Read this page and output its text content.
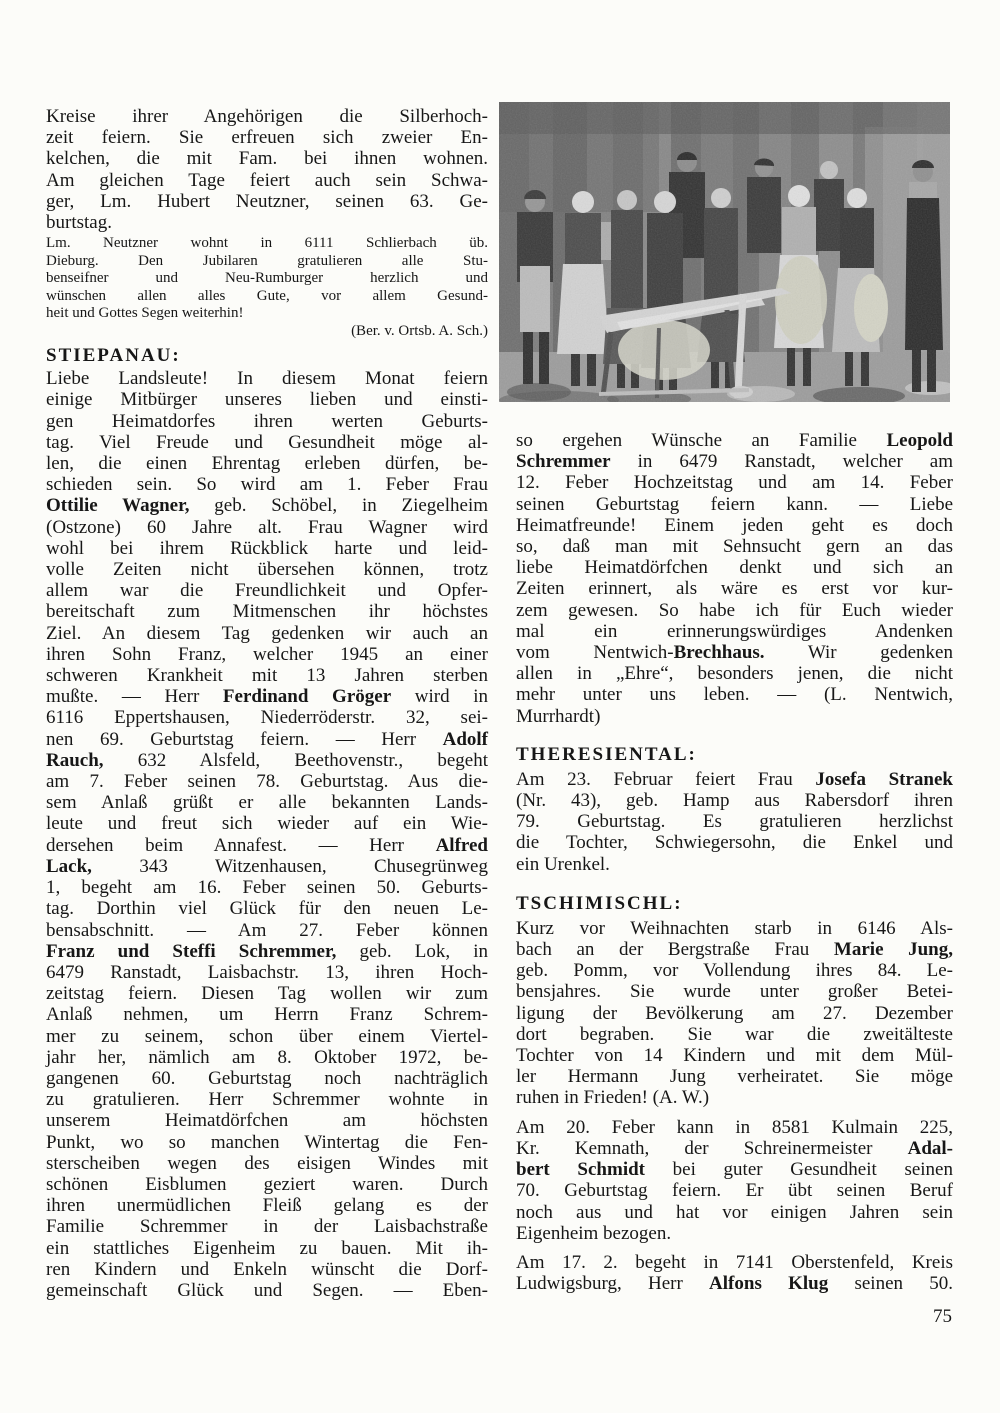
Kreise ihrer Angehörigen die Silberhoch-
zeit feiern. Sie erfreuen sich zweier En-
kelchen, die mit Fam. bei ihnen wohnen.
Am gleichen Tage feiert auch sein Schwa-
ger, Lm. Hubert Neutzner, seinen 63. Ge-
burtstag.
Lm. Neutzner wohnt in 6111 Schlierbach üb.
Dieburg. Den Jubilaren gratulieren alle Stu-
benseifner und Neu-Rumburger herzlich und
wünschen allen alles Gute, vor allem Gesund-
heit und Gottes Segen weiterhin!
(Ber. v. Ortsb. A. Sch.)
STIEPANAU:
Liebe Landsleute! In diesem Monat feiern
einige Mitbürger unseres lieben und einsti-
gen Heimatdorfes ihren werten Geburts-
tag. Viel Freude und Gesundheit möge al-
len, die einen Ehrentag erleben dürfen, be-
schieden sein. So wird am 1. Feber Frau
Ottilie Wagner, geb. Schöbel, in Ziegelheim
(Ostzone) 60 Jahre alt. Frau Wagner wird
wohl bei ihrem Rückblick harte und leid-
volle Zeiten nicht übersehen können, trotz
allem war die Freundlichkeit und Opfer-
bereitschaft zum Mitmenschen ihr höchstes
Ziel. An diesem Tag gedenken wir auch an
ihren Sohn Franz, welcher 1945 an einer
schweren Krankheit mit 13 Jahren sterben
mußte. — Herr Ferdinand Gröger wird in
6116 Eppertshausen, Niederröderstr. 32, sei-
nen 69. Geburtstag feiern. — Herr Adolf
Rauch, 632 Alsfeld, Beethovenstr., begeht
am 7. Feber seinen 78. Geburtstag. Aus die-
sem Anlaß grüßt er alle bekannten Lands-
leute und freut sich wieder auf ein Wie-
dersehen beim Annafest. — Herr Alfred
Lack, 343 Witzenhausen, Chusegrünweg
1, begeht am 16. Feber seinen 50. Geburts-
tag. Dorthin viel Glück für den neuen Le-
bensabschnitt. — Am 27. Feber können
Franz und Steffi Schremmer, geb. Lok, in
6479 Ranstadt, Laisbachstr. 13, ihren Hoch-
zeitstag feiern. Diesen Tag wollen wir zum
Anlaß nehmen, um Herrn Franz Schrem-
mer zu seinem, schon über einem Viertel-
jahr her, nämlich am 8. Oktober 1972, be-
gangenen 60. Geburtstag noch nachträglich
zu gratulieren. Herr Schremmer wohnte in
unserem Heimatdörfchen am höchsten
Punkt, wo so manchen Wintertag die Fen-
sterscheiben wegen des eisigen Windes mit
schönen Eisblumen geziert waren. Durch
ihren unermüdlichen Fleiß gelang es der
Familie Schremmer in der Laisbachstraße
ein stattliches Eigenheim zu bauen. Mit ih-
ren Kindern und Enkeln wünscht die Dorf-
gemeinschaft Glück und Segen. — Eben-
so ergehen Wünsche an Familie Leopold
Schremmer in 6479 Ranstadt, welcher am
12. Feber Hochzeitstag und am 14. Feber
seinen Geburtstag feiern kann. — Liebe
Heimatfreunde! Einem jeden geht es doch
so, daß man mit Sehnsucht gern an das
liebe Heimatdörfchen denkt und sich an
Zeiten erinnert, als wäre es erst vor kur-
zem gewesen. So habe ich für Euch wieder
mal ein erinnerungswürdiges Andenken
vom Nentwich-Brechhaus. Wir gedenken
allen in „Ehre“, besonders jenen, die nicht
mehr unter uns leben. — (L. Nentwich,
Murrhardt)
THERESIENTAL:
Am 23. Februar feiert Frau Josefa Stranek
(Nr. 43), geb. Hamp aus Rabersdorf ihren
79. Geburtstag. Es gratulieren herzlichst
die Tochter, Schwiegersohn, die Enkel und
ein Urenkel.
TSCHIMISCHL:
Kurz vor Weihnachten starb in 6146 Als-
bach an der Bergstraße Frau Marie Jung,
geb. Pomm, vor Vollendung ihres 84. Le-
bensjahres. Sie wurde unter großer Betei-
ligung der Bevölkerung am 27. Dezember
dort begraben. Sie war die zweitälteste
Tochter von 14 Kindern und mit dem Mül-
ler Hermann Jung verheiratet. Sie möge
ruhen in Frieden! (A. W.)
Am 20. Feber kann in 8581 Kulmain 225,
Kr. Kemnath, der Schreinermeister Adal-
bert Schmidt bei guter Gesundheit seinen
70. Geburtstag feiern. Er übt seinen Beruf
noch aus und hat vor einigen Jahren sein
Eigenheim bezogen.
Am 17. 2. begeht in 7141 Oberstenfeld, Kreis
Ludwigsburg, Herr Alfons Klug seinen 50.
75
